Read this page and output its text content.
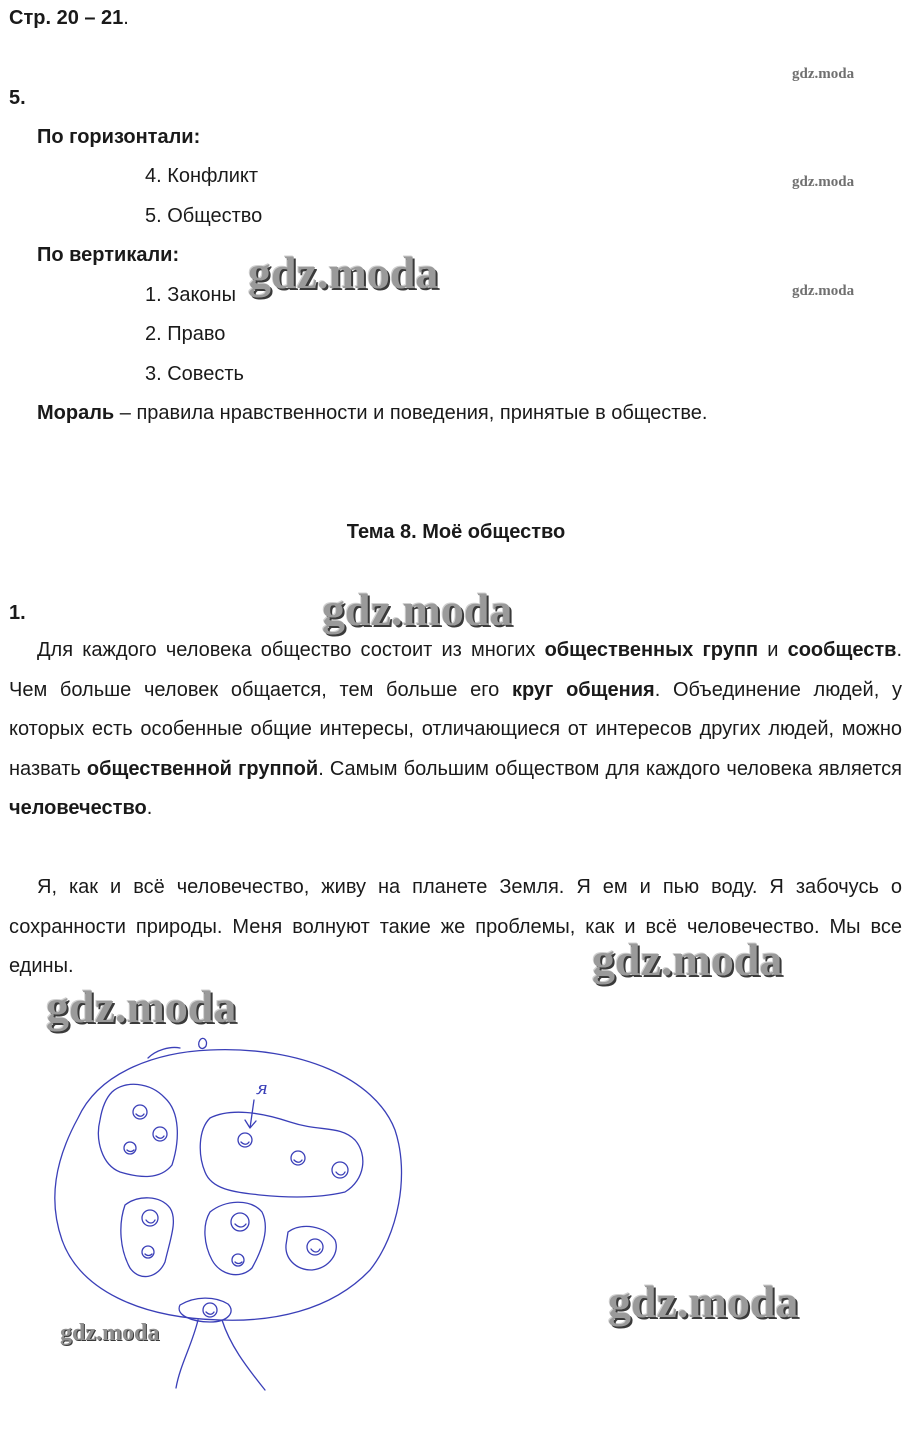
Стр. 20 – 21.
5.
По горизонтали:
4. Конфликт
5. Общество
По вертикали:
1. Законы
2. Право
3. Совесть
Мораль – правила нравственности и поведения, принятые в обществе.
Тема 8. Моё общество
1.
Для каждого человека общество состоит из многих общественных групп и сообществ. Чем больше человек общается, тем больше его круг общения. Объединение людей, у которых есть особенные общие интересы, отличающиеся от интересов других людей, можно назвать общественной группой. Самым большим обществом для каждого человека является человечество.
Я, как и всё человечество, живу на планете Земля. Я ем и пью воду. Я забочусь о сохранности природы. Меня волнуют такие же проблемы, как и всё человечество. Мы все едины.
я
gdz.moda
gdz.moda
gdz.moda
gdz.moda
gdz.moda
gdz.moda
gdz.moda
gdz.moda
gdz.moda
